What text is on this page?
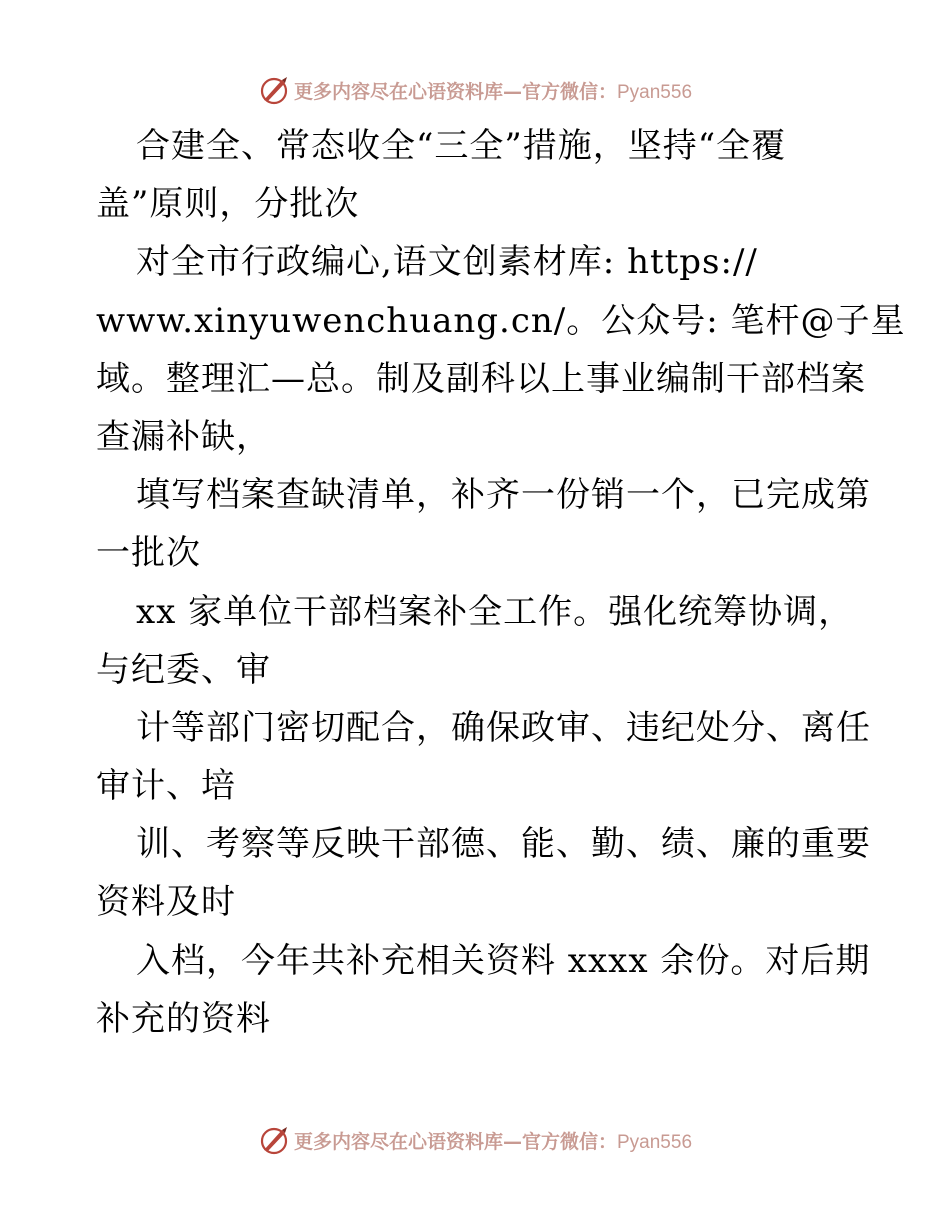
更多内容尽在心语资料库—官方微信：Pyan556
合建全、常态收全“三全”措施，坚持“全覆
盖”原则，分批次
对全市行政编心,语文创素材库: https://
www.xinyuwenchuang.cn/。公众号: 笔杆@子星
域。整理汇—总。制及副科以上事业编制干部档案
查漏补缺，
填写档案查缺清单，补齐一份销一个，已完成第
一批次
xx 家单位干部档案补全工作。强化统筹协调，
与纪委、审
计等部门密切配合，确保政审、违纪处分、离任
审计、培
训、考察等反映干部德、能、勤、绩、廉的重要
资料及时
入档，今年共补充相关资料 xxxx 余份。对后期
补充的资料
更多内容尽在心语资料库—官方微信：Pyan556
